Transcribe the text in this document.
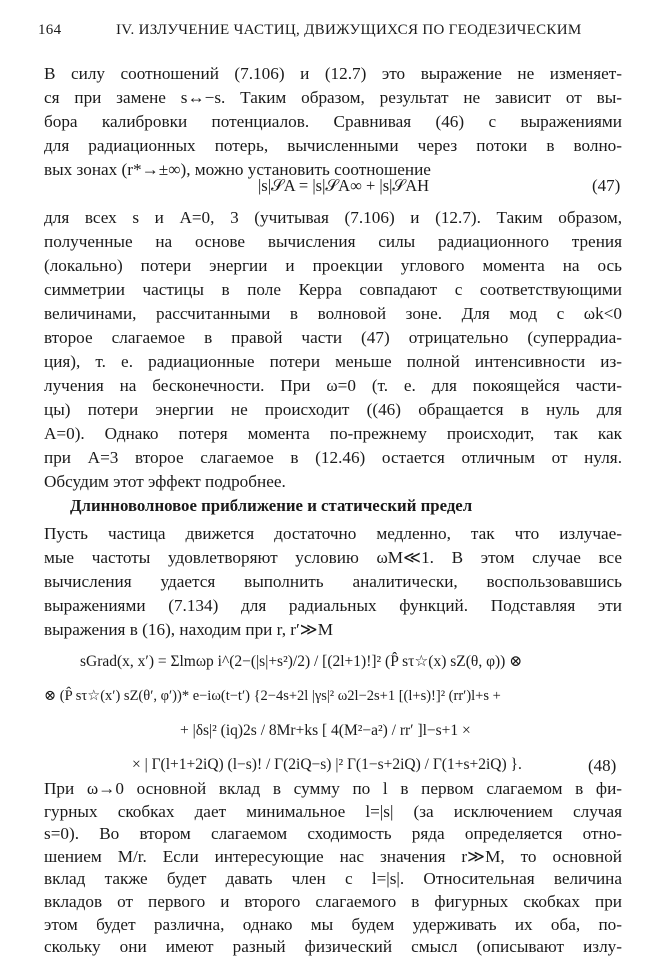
164	IV. ИЗЛУЧЕНИЕ ЧАСТИЦ, ДВИЖУЩИХСЯ ПО ГЕОДЕЗИЧЕСКИМ
В силу соотношений (7.106) и (12.7) это выражение не изменяет-
ся при замене s↔−s. Таким образом, результат не зависит от вы-
бора калибровки потенциалов. Сравнивая (46) с выражениями
для радиационных потерь, вычисленными через потоки в волно-
вых зонах (r*→±∞), можно установить соотношение
|s|𝒮A = |s|𝒮A∞ + |s|𝒮AH	(47)
для всех s и A=0, 3 (учитывая (7.106) и (12.7). Таким образом,
полученные на основе вычисления силы радиационного трения
(локально) потери энергии и проекции углового момента на ось
симметрии частицы в поле Керра совпадают с соответствующими
величинами, рассчитанными в волновой зоне. Для мод с ωk<0
второе слагаемое в правой части (47) отрицательно (суперрадиа-
ция), т. е. радиационные потери меньше полной интенсивности из-
лучения на бесконечности. При ω=0 (т. е. для покоящейся части-
цы) потери энергии не происходит ((46) обращается в нуль для
A=0). Однако потеря момента по-прежнему происходит, так как
при A=3 второе слагаемое в (12.46) остается отличным от нуля.
Обсудим этот эффект подробнее.
Длинноволновое приближение и статический предел
Пусть частица движется достаточно медленно, так что излучае-
мые частоты удовлетворяют условию ωM≪1. В этом случае все
вычисления удается выполнить аналитически, воспользовавшись
выражениями (7.134) для радиальных функций. Подставляя эти
выражения в (16), находим при r, r′≫M
sGrad(x, x′) = Σlmωp i^(2−(|s|+s²)/2) / [(2l+1)!]² (P̂ sτ☆(x) sZ(θ, φ)) ⊗
⊗ (P̂ sτ☆(x′) sZ(θ′, φ′))* e−iω(t−t′) {2−4s+2l |γs|² ω2l−2s+1 [(l+s)!]² (rr′)l+s +
+ |δs|² (iq)2s / 8Mr+ks [ 4(M²−a²) / rr′ ]l−s+1 ×
× | Γ(l+1+2iQ) (l−s)! / Γ(2iQ−s) |² Γ(1−s+2iQ) / Γ(1+s+2iQ) }.	(48)
При ω→0 основной вклад в сумму по l в первом слагаемом в фи-
гурных скобках дает минимальное l=|s| (за исключением случая
s=0). Во втором слагаемом сходимость ряда определяется отно-
шением M/r. Если интересующие нас значения r≫M, то основной
вклад также будет давать член с l=|s|. Относительная величина
вкладов от первого и второго слагаемого в фигурных скобках при
этом будет различна, однако мы будем удерживать их оба, по-
скольку они имеют разный физический смысл (описывают излу-
